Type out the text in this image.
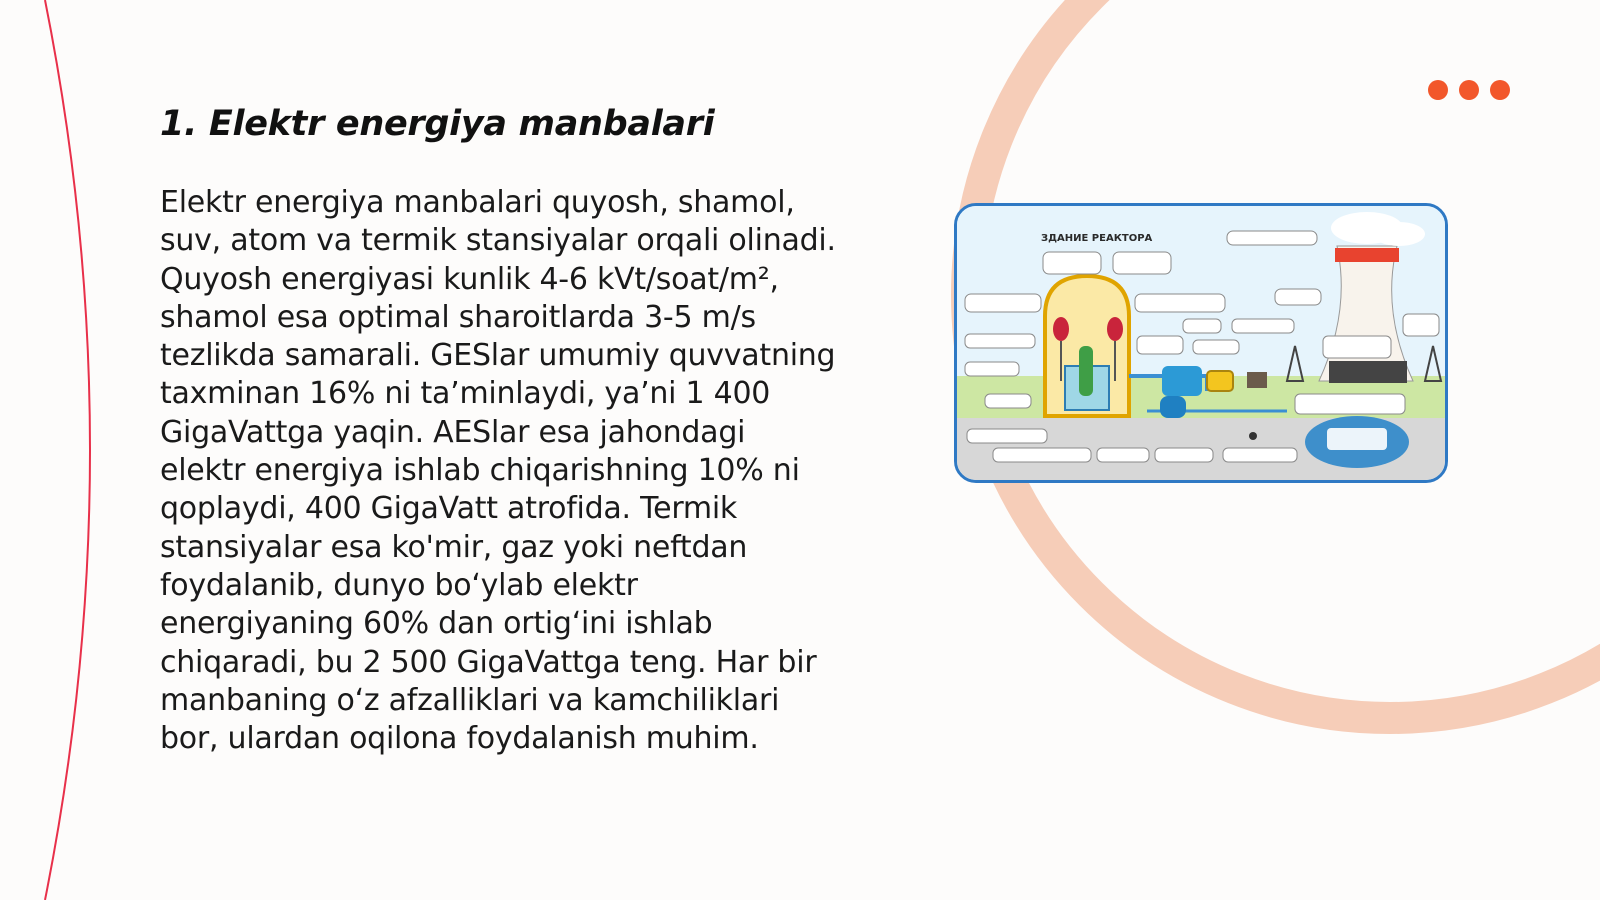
1. Elektr energiya manbalari

Elektr energiya manbalari quyosh, shamol,
suv, atom va termik stansiyalar orqali olinadi.
Quyosh energiyasi kunlik 4-6 kVt/soat/m²,
shamol esa optimal sharoitlarda 3-5 m/s
tezlikda samarali. GESlar umumiy quvvatning
taxminan 16% ni taʼminlaydi, yaʼni 1 400
GigaVattga yaqin. AESlar esa jahondagi
elektr energiya ishlab chiqarishning 10% ni
qoplaydi, 400 GigaVatt atrofida. Termik
stansiyalar esa ko'mir, gaz yoki neftdan
foydalanib, dunyo bo‘ylab elektr
energiyaning 60% dan ortig‘ini ishlab
chiqaradi, bu 2 500 GigaVattga teng. Har bir
manbaning oʻz afzalliklari va kamchiliklari
bor, ulardan oqilona foydalanish muhim.

ЗДАНИЕ РЕАКТОРА
